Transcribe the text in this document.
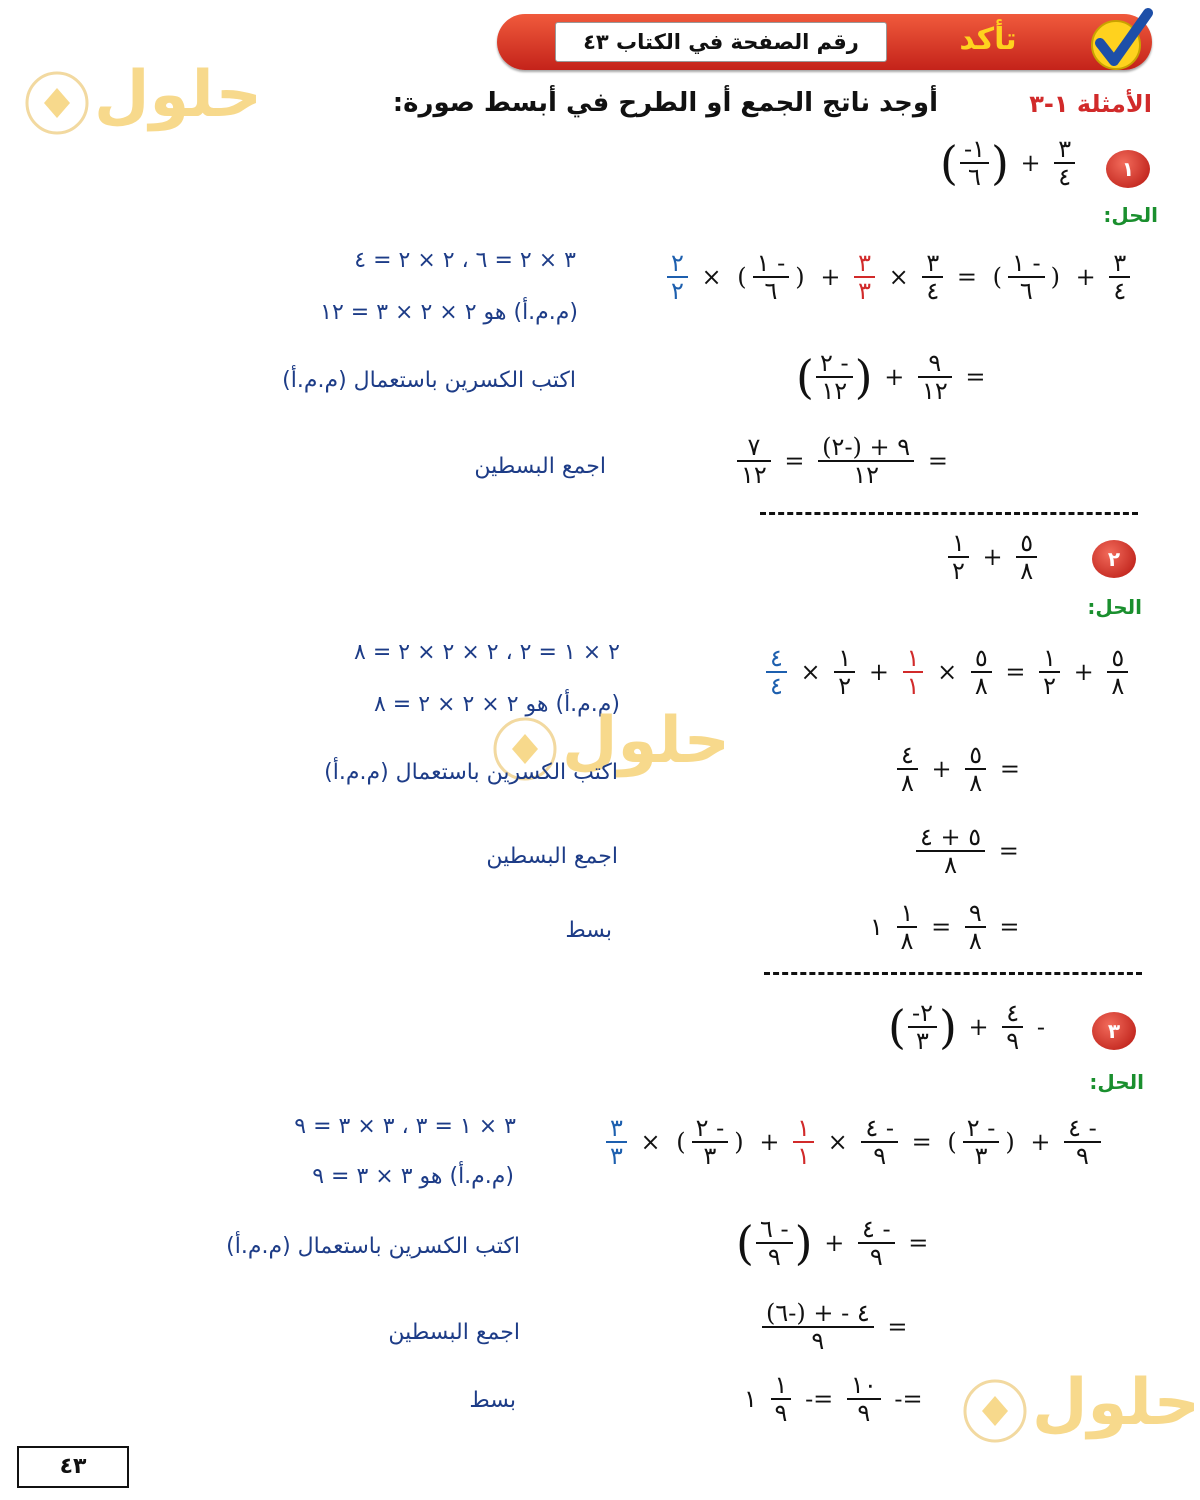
رقم الصفحة في الكتاب ٤٣	تأكد
حلول	الأمثلة ١-٣
أوجد ناتج الجمع أو الطرح في أبسط صورة:
١
( $\frac{-١}{٦}$ ) + $\frac{٣}{٤}$
الحل:
$\frac{٢}{٢}$ × ( $\frac{١ -}{٦}$ ) + $\frac{٣}{٣} \times \frac{٣}{٤}$ = ( $\frac{١ -}{٦}$ ) + $\frac{٣}{٤}$
٣ × ٢ = ٦ ، ٢ × ٢ = ٤
(م.م.أ) هو ٢ × ٢ × ٣ = ١٢
( $\frac{٢ -}{١٢}$ ) + $\frac{٩}{١٢}$ =
اكتب الكسرين باستعمال (م.م.أ)
$\frac{٧}{١٢} = \frac{٩ + (-٢)}{١٢}$ =
اجمع البسطين
٢
$\frac{١}{٢} + \frac{٥}{٨}$
الحل:
$\frac{٤}{٤} \times \frac{١}{٢} + \frac{١}{١} \times \frac{٥}{٨} = \frac{١}{٢} + \frac{٥}{٨}$
٢ × ١ = ٢ ، ٢ × ٢ × ٢ = ٨
(م.م.أ) هو ٢ × ٢ × ٢ = ٨
حلول	$\frac{٤}{٨} + \frac{٥}{٨}$ =
اكتب الكسرين باستعمال (م.م.أ)
$\frac{٥ + ٤}{٨}$ =
اجمع البسطين
١ $\frac{١}{٨} = \frac{٩}{٨}$ =
بسط
٣
( $\frac{-٢}{٣}$ ) + $\frac{٤}{٩}$ -
الحل:
$\frac{٣}{٣}$ × ( $\frac{٢ -}{٣}$ ) + $\frac{١}{١} \times \frac{٤ -}{٩}$ = ( $\frac{٢ -}{٣}$ ) + $\frac{٤ -}{٩}$
٣ × ١ = ٣ ، ٣ × ٣ = ٩
(م.م.أ) هو ٣ × ٣ = ٩
( $\frac{٦ -}{٩}$ ) + $\frac{٤ -}{٩}$ =
اكتب الكسرين باستعمال (م.م.أ)
$\frac{٤ - + (-٦)}{٩}$ =
اجمع البسطين
١ $\frac{١}{٩} -= \frac{١٠}{٩}$ -=
بسط	حلول
٤٣
